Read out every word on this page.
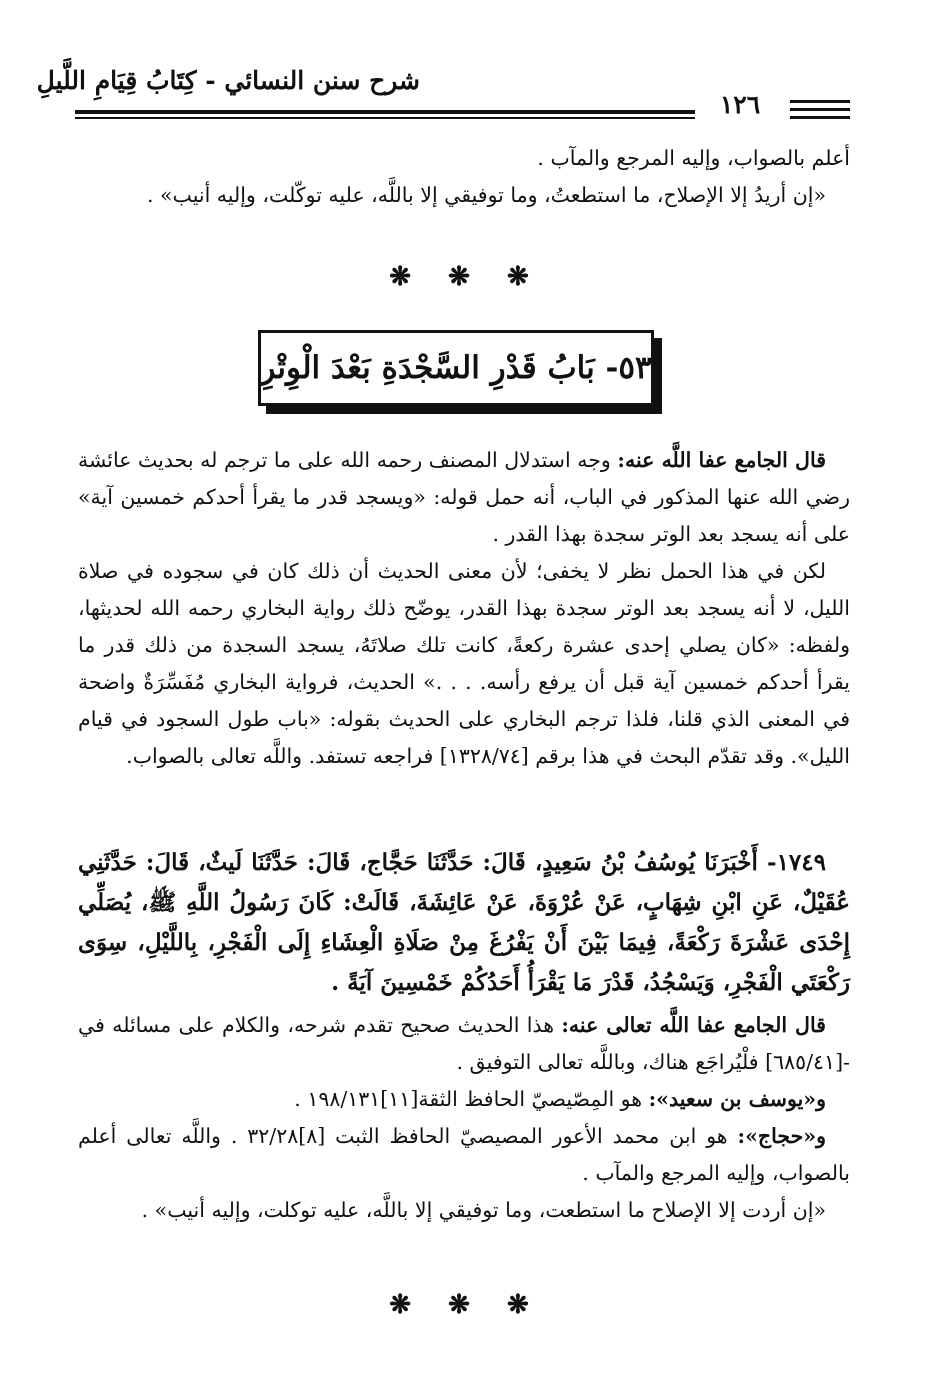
شرح سنن النسائي - كِتَابُ قِيَامِ اللَّيلِ
١٢٦

أعلم بالصواب، وإليه المرجع والمآب .

«إن أريدُ إلا الإصلاح، ما استطعتُ، وما توفيقي إلا باللَّه، عليه توكّلت، وإليه أنيب» .

❋ ❋ ❋
٥٣- بَابُ قَدْرِ السَّجْدَةِ بَعْدَ الْوِتْرِ

قال الجامع عفا اللَّه عنه: وجه استدلال المصنف رحمه الله على ما ترجم له بحديث عائشة رضي الله عنها المذكور في الباب، أنه حمل قوله: «ويسجد قدر ما يقرأ أحدكم خمسين آية» على أنه يسجد بعد الوتر سجدة بهذا القدر .

لكن في هذا الحمل نظر لا يخفى؛ لأن معنى الحديث أن ذلك كان في سجوده في صلاة الليل، لا أنه يسجد بعد الوتر سجدة بهذا القدر، يوضّح ذلك رواية البخاري رحمه الله لحديثها، ولفظه: «كان يصلي إحدى عشرة ركعةً، كانت تلك صلاتَهُ، يسجد السجدة من ذلك قدر ما يقرأ أحدكم خمسين آية قبل أن يرفع رأسه. . . .» الحديث، فرواية البخاري مُفَسِّرَةٌ واضحة في المعنى الذي قلنا، فلذا ترجم البخاري على الحديث بقوله: «باب طول السجود في قيام الليل». وقد تقدّم البحث في هذا برقم [١٣٢٨/٧٤] فراجعه تستفد. واللَّه تعالى بالصواب.

١٧٤٩- أَخْبَرَنَا يُوسُفُ بْنُ سَعِيدٍ، قَالَ: حَدَّثَنَا حَجَّاج، قَالَ: حَدَّثَنَا لَيثٌ، قَالَ: حَدَّثَنِي عُقَيْلٌ، عَنِ ابْنِ شِهَابٍ، عَنْ عُرْوَةَ، عَنْ عَائِشَةَ، قَالَتْ: كَانَ رَسُولُ اللَّهِ ﷺ، يُصَلِّي إِحْدَى عَشْرَةَ رَكْعَةً، فِيمَا بَيْنَ أَنْ يَفْرُغَ مِنْ صَلَاةِ الْعِشَاءِ إِلَى الْفَجْرِ، بِاللَّيْلِ، سِوَى رَكْعَتَي الْفَجْرِ، وَيَسْجُدُ، قَدْرَ مَا يَقْرَأُ أَحَدُكُمْ خَمْسِينَ آيَةً .

قال الجامع عفا اللَّه تعالى عنه: هذا الحديث صحيح تقدم شرحه، والكلام على مسائله في -[٦٨٥/٤١] فلْيُراجَع هناك، وباللَّه تعالى التوفيق .

و«يوسف بن سعيد»: هو المِصّيصيّ الحافظ الثقة[١١]١٩٨/١٣١ .

و«حجاج»: هو ابن محمد الأعور المصيصيّ الحافظ الثبت [٨]٣٢/٢٨ . واللَّه تعالى أعلم بالصواب، وإليه المرجع والمآب .

«إن أردت إلا الإصلاح ما استطعت، وما توفيقي إلا باللَّه، عليه توكلت، وإليه أنيب» .

❋ ❋ ❋
